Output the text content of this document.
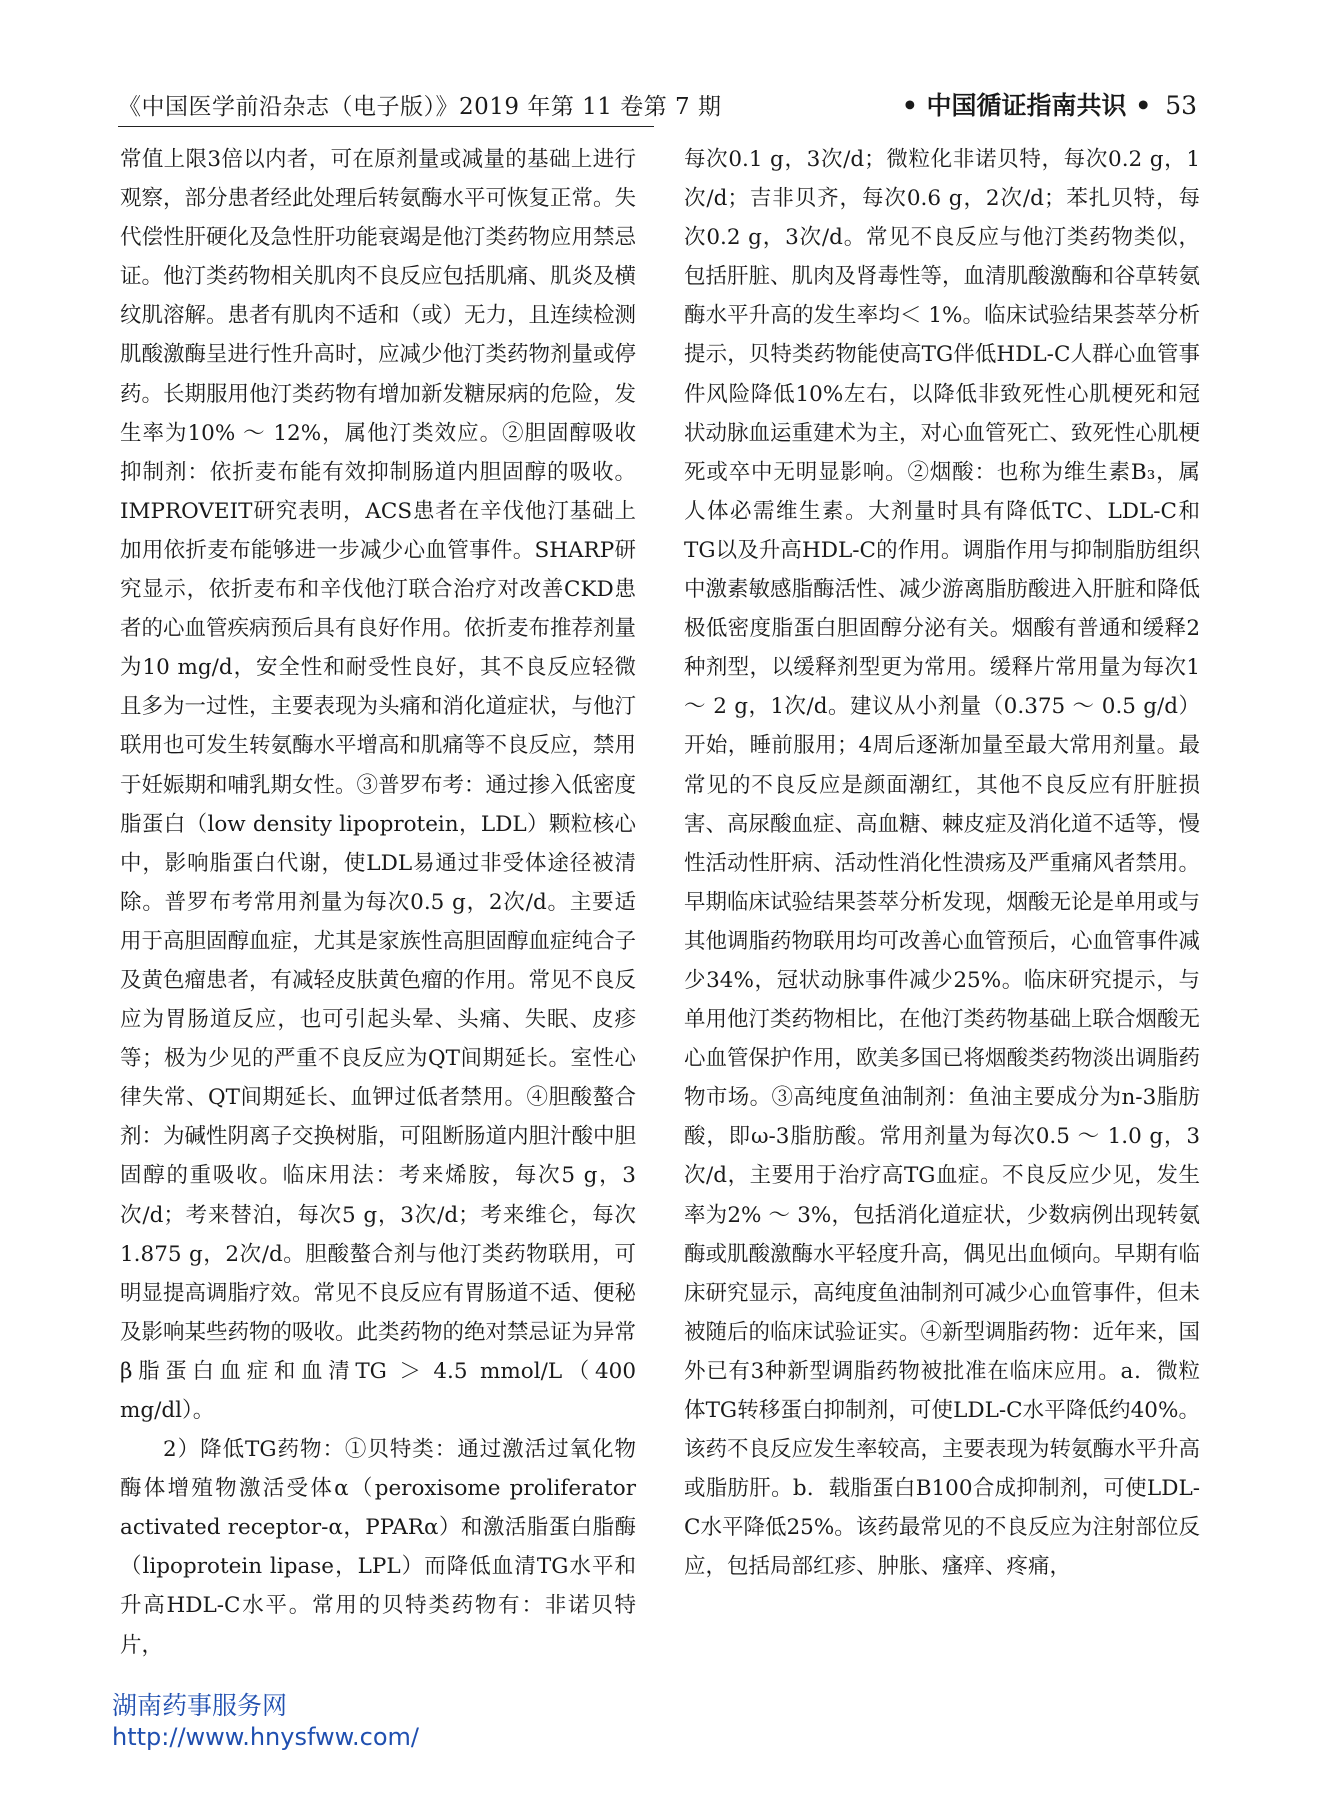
《中国医学前沿杂志（电子版）》2019 年第 11 卷第 7 期	• 中国循证指南共识 • 53

常值上限3倍以内者，可在原剂量或减量的基础上进行观察，部分患者经此处理后转氨酶水平可恢复正常。失代偿性肝硬化及急性肝功能衰竭是他汀类药物应用禁忌证。他汀类药物相关肌肉不良反应包括肌痛、肌炎及横纹肌溶解。患者有肌肉不适和（或）无力，且连续检测肌酸激酶呈进行性升高时，应减少他汀类药物剂量或停药。长期服用他汀类药物有增加新发糖尿病的危险，发生率为10% ～ 12%，属他汀类效应。②胆固醇吸收抑制剂：依折麦布能有效抑制肠道内胆固醇的吸收。IMPROVEIT研究表明，ACS患者在辛伐他汀基础上加用依折麦布能够进一步减少心血管事件。SHARP研究显示，依折麦布和辛伐他汀联合治疗对改善CKD患者的心血管疾病预后具有良好作用。依折麦布推荐剂量为10 mg/d，安全性和耐受性良好，其不良反应轻微且多为一过性，主要表现为头痛和消化道症状，与他汀联用也可发生转氨酶水平增高和肌痛等不良反应，禁用于妊娠期和哺乳期女性。③普罗布考：通过掺入低密度脂蛋白（low density lipoprotein，LDL）颗粒核心中，影响脂蛋白代谢，使LDL易通过非受体途径被清除。普罗布考常用剂量为每次0.5 g，2次/d。主要适用于高胆固醇血症，尤其是家族性高胆固醇血症纯合子及黄色瘤患者，有减轻皮肤黄色瘤的作用。常见不良反应为胃肠道反应，也可引起头晕、头痛、失眠、皮疹等；极为少见的严重不良反应为QT间期延长。室性心律失常、QT间期延长、血钾过低者禁用。④胆酸螯合剂：为碱性阴离子交换树脂，可阻断肠道内胆汁酸中胆固醇的重吸收。临床用法：考来烯胺，每次5 g，3次/d；考来替泊，每次5 g，3次/d；考来维仑，每次1.875 g，2次/d。胆酸螯合剂与他汀类药物联用，可明显提高调脂疗效。常见不良反应有胃肠道不适、便秘及影响某些药物的吸收。此类药物的绝对禁忌证为异常β脂蛋白血症和血清TG ＞ 4.5 mmol/L（400 mg/dl）。

2）降低TG药物：①贝特类：通过激活过氧化物酶体增殖物激活受体α（peroxisome proliferator activated receptor-α，PPARα）和激活脂蛋白脂酶（lipoprotein lipase，LPL）而降低血清TG水平和升高HDL-C水平。常用的贝特类药物有：非诺贝特片，

每次0.1 g，3次/d；微粒化非诺贝特，每次0.2 g，1次/d；吉非贝齐，每次0.6 g，2次/d；苯扎贝特，每次0.2 g，3次/d。常见不良反应与他汀类药物类似，包括肝脏、肌肉及肾毒性等，血清肌酸激酶和谷草转氨酶水平升高的发生率均＜ 1%。临床试验结果荟萃分析提示，贝特类药物能使高TG伴低HDL-C人群心血管事件风险降低10%左右，以降低非致死性心肌梗死和冠状动脉血运重建术为主，对心血管死亡、致死性心肌梗死或卒中无明显影响。②烟酸：也称为维生素B₃，属人体必需维生素。大剂量时具有降低TC、LDL-C和TG以及升高HDL-C的作用。调脂作用与抑制脂肪组织中激素敏感脂酶活性、减少游离脂肪酸进入肝脏和降低极低密度脂蛋白胆固醇分泌有关。烟酸有普通和缓释2种剂型，以缓释剂型更为常用。缓释片常用量为每次1 ～ 2 g，1次/d。建议从小剂量（0.375 ～ 0.5 g/d）开始，睡前服用；4周后逐渐加量至最大常用剂量。最常见的不良反应是颜面潮红，其他不良反应有肝脏损害、高尿酸血症、高血糖、棘皮症及消化道不适等，慢性活动性肝病、活动性消化性溃疡及严重痛风者禁用。早期临床试验结果荟萃分析发现，烟酸无论是单用或与其他调脂药物联用均可改善心血管预后，心血管事件减少34%，冠状动脉事件减少25%。临床研究提示，与单用他汀类药物相比，在他汀类药物基础上联合烟酸无心血管保护作用，欧美多国已将烟酸类药物淡出调脂药物市场。③高纯度鱼油制剂：鱼油主要成分为n-3脂肪酸，即ω-3脂肪酸。常用剂量为每次0.5 ～ 1.0 g，3次/d，主要用于治疗高TG血症。不良反应少见，发生率为2% ～ 3%，包括消化道症状，少数病例出现转氨酶或肌酸激酶水平轻度升高，偶见出血倾向。早期有临床研究显示，高纯度鱼油制剂可减少心血管事件，但未被随后的临床试验证实。④新型调脂药物：近年来，国外已有3种新型调脂药物被批准在临床应用。a．微粒体TG转移蛋白抑制剂，可使LDL-C水平降低约40%。该药不良反应发生率较高，主要表现为转氨酶水平升高或脂肪肝。b．载脂蛋白B100合成抑制剂，可使LDL-C水平降低25%。该药最常见的不良反应为注射部位反应，包括局部红疹、肿胀、瘙痒、疼痛，

湖南药事服务网
http://www.hnysfww.com/
